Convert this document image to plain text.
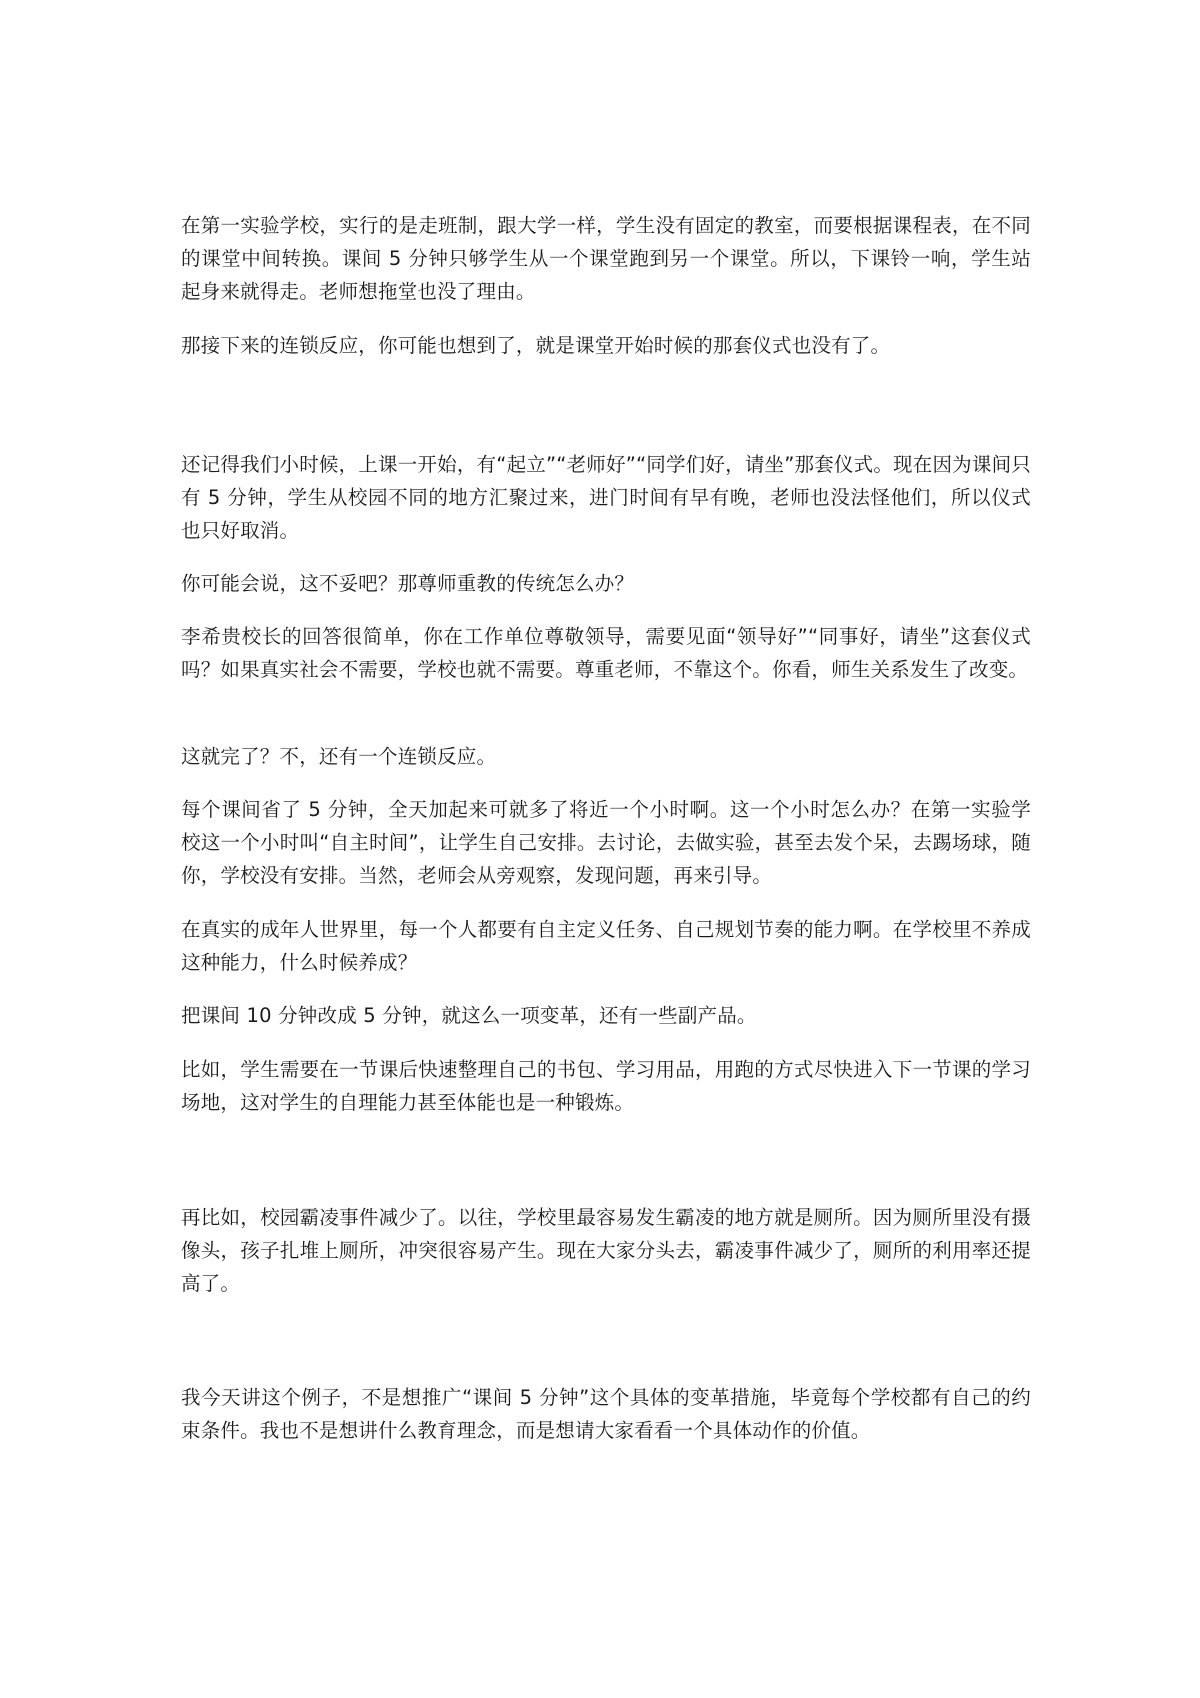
在第一实验学校，实行的是走班制，跟大学一样，学生没有固定的教室，而要根据课程表，在不同的课堂中间转换。课间 5 分钟只够学生从一个课堂跑到另一个课堂。所以，下课铃一响，学生站起身来就得走。老师想拖堂也没了理由。

那接下来的连锁反应，你可能也想到了，就是课堂开始时候的那套仪式也没有了。

还记得我们小时候，上课一开始，有“起立”“老师好”“同学们好，请坐”那套仪式。现在因为课间只有 5 分钟，学生从校园不同的地方汇聚过来，进门时间有早有晚，老师也没法怪他们，所以仪式也只好取消。

你可能会说，这不妥吧？那尊师重教的传统怎么办？

李希贵校长的回答很简单，你在工作单位尊敬领导，需要见面“领导好”“同事好，请坐”这套仪式吗？如果真实社会不需要，学校也就不需要。尊重老师，不靠这个。你看，师生关系发生了改变。

这就完了？不，还有一个连锁反应。

每个课间省了 5 分钟，全天加起来可就多了将近一个小时啊。这一个小时怎么办？在第一实验学校这一个小时叫“自主时间”，让学生自己安排。去讨论，去做实验，甚至去发个呆，去踢场球，随你，学校没有安排。当然，老师会从旁观察，发现问题，再来引导。

在真实的成年人世界里，每一个人都要有自主定义任务、自己规划节奏的能力啊。在学校里不养成这种能力，什么时候养成？

把课间 10 分钟改成 5 分钟，就这么一项变革，还有一些副产品。

比如，学生需要在一节课后快速整理自己的书包、学习用品，用跑的方式尽快进入下一节课的学习场地，这对学生的自理能力甚至体能也是一种锻炼。

再比如，校园霸凌事件减少了。以往，学校里最容易发生霸凌的地方就是厕所。因为厕所里没有摄像头，孩子扎堆上厕所，冲突很容易产生。现在大家分头去，霸凌事件减少了，厕所的利用率还提高了。

我今天讲这个例子，不是想推广“课间 5 分钟”这个具体的变革措施，毕竟每个学校都有自己的约束条件。我也不是想讲什么教育理念，而是想请大家看看一个具体动作的价值。
